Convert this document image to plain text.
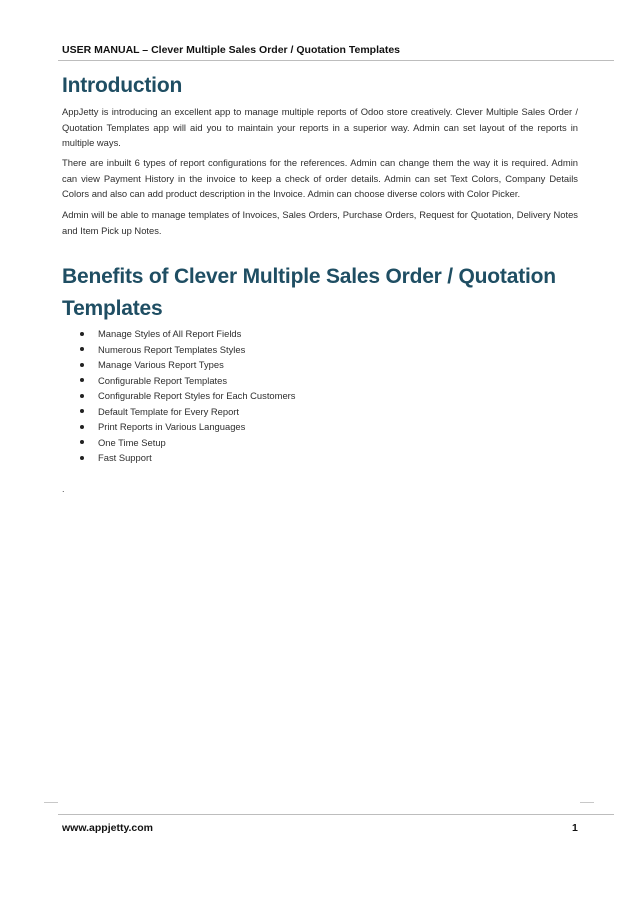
USER MANUAL – Clever Multiple Sales Order / Quotation Templates
Introduction

AppJetty is introducing an excellent app to manage multiple reports of Odoo store creatively. Clever Multiple Sales Order / Quotation Templates app will aid you to maintain your reports in a superior way. Admin can set layout of the reports in multiple ways.

There are inbuilt 6 types of report configurations for the references. Admin can change them the way it is required. Admin can view Payment History in the invoice to keep a check of order details. Admin can set Text Colors, Company Details Colors and also can add product description in the Invoice. Admin can choose diverse colors with Color Picker.

Admin will be able to manage templates of Invoices, Sales Orders, Purchase Orders, Request for Quotation, Delivery Notes and Item Pick up Notes.

Benefits of Clever Multiple Sales Order / Quotation Templates
Manage Styles of All Report Fields
Numerous Report Templates Styles
Manage Various Report Types
Configurable Report Templates
Configurable Report Styles for Each Customers
Default Template for Every Report
Print Reports in Various Languages
One Time Setup
Fast Support
.
www.appjetty.com	1
